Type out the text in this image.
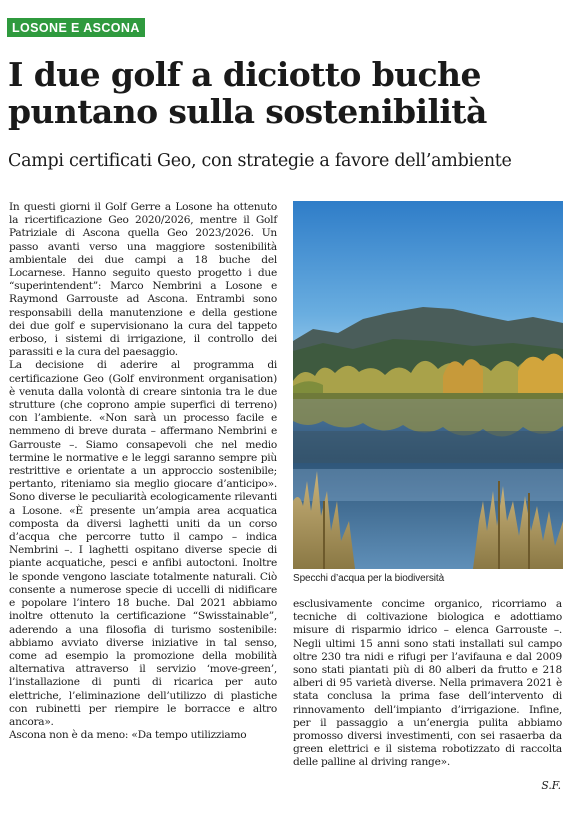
LOSONE E ASCONA
I due golf a diciotto buche puntano sulla sostenibilità
Campi certificati Geo, con strategie a favore dell’ambiente

In questi giorni il Golf Gerre a Losone ha ottenuto la ricertificazione Geo 2020/2026, mentre il Golf Patriziale di Ascona quella Geo 2023/2026. Un passo avanti verso una maggiore sostenibilità ambientale dei due campi a 18 buche del Locarnese. Hanno seguito questo progetto i due “superintendent”: Marco Nembrini a Losone e Raymond Garrouste ad Ascona. Entrambi sono responsabili della manutenzione e della gestione dei due golf e supervisionano la cura del tappeto erboso, i sistemi di irrigazione, il controllo dei parassiti e la cura del paesaggio.

La decisione di aderire al programma di certificazione Geo (Golf environment organisation) è venuta dalla volontà di creare sintonia tra le due strutture (che coprono ampie superfici di terreno) con l’ambiente. «Non sarà un processo facile e nemmeno di breve durata – affermano Nembrini e Garrouste –. Siamo consapevoli che nel medio termine le normative e le leggi saranno sempre più restrittive e orientate a un approccio sostenibile; pertanto, riteniamo sia meglio giocare d’anticipo». Sono diverse le peculiarità ecologicamente rilevanti a Losone. «È presente un’ampia area acquatica composta da diversi laghetti uniti da un corso d’acqua che percorre tutto il campo – indica Nembrini –. I laghetti ospitano diverse specie di piante acquatiche, pesci e anfibi autoctoni. Inoltre le sponde vengono lasciate totalmente naturali. Ciò consente a numerose specie di uccelli di nidificare e popolare l’intero 18 buche. Dal 2021 abbiamo inoltre ottenuto la certificazione “Swisstainable”, aderendo a una filosofia di turismo sostenibile: abbiamo avviato diverse iniziative in tal senso, come ad esempio la promozione della mobilità alternativa attraverso il servizio ‘move-green’, l’installazione di punti di ricarica per auto elettriche, l’eliminazione dell’utilizzo di plastiche con rubinetti per riempire le borracce e altro ancora».

Ascona non è da meno: «Da tempo utilizziamo

Specchi d’acqua per la biodiversità

esclusivamente concime organico, ricorriamo a tecniche di coltivazione biologica e adottiamo misure di risparmio idrico – elenca Garrouste –. Negli ultimi 15 anni sono stati installati sul campo oltre 230 tra nidi e rifugi per l’avifauna e dal 2009 sono stati piantati più di 80 alberi da frutto e 218 alberi di 95 varietà diverse. Nella primavera 2021 è stata conclusa la prima fase dell’intervento di rinnovamento dell’impianto d’irrigazione. Infine, per il passaggio a un’energia pulita abbiamo promosso diversi investimenti, con sei rasaerba da green elettrici e il sistema robotizzato di raccolta delle palline al driving range».

S.F.
